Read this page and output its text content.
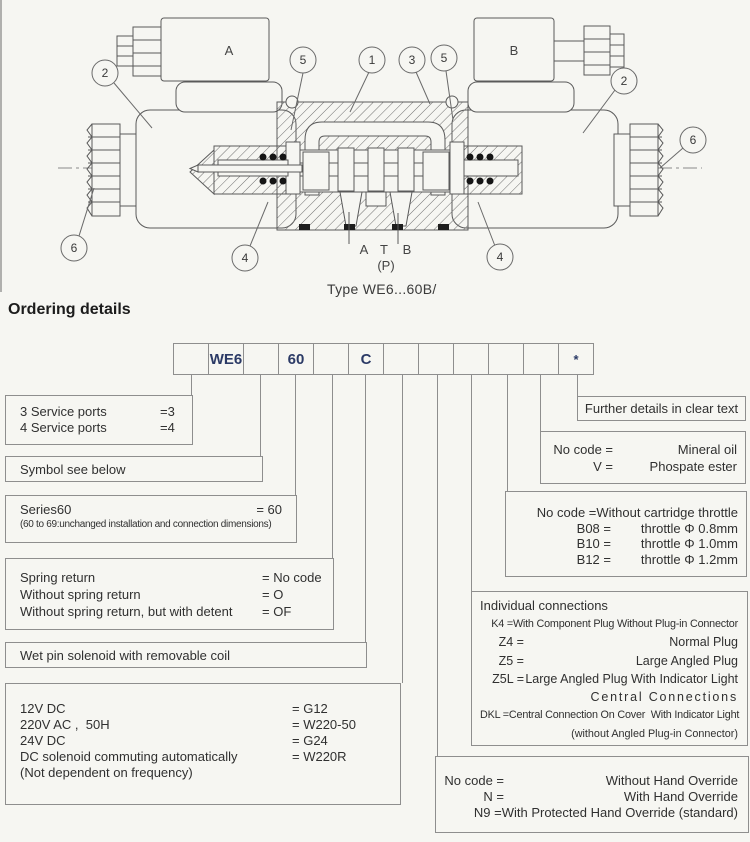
2
5	1	3 5
2
6
6
4	4
A	B
A T B
(P)
Type WE6...60B/
Ordering details
WE6	60	C	*
3 Service ports	=3
4 Service ports	=4
Symbol see below
Series60	= 60
(60 to 69:unchanged installation and connection dimensions)
Spring return	= No code
Without spring return	= O
Without spring return, but with detent	= OF
Wet pin solenoid with removable coil
12V DC	= G12
220V AC ,  50H	= W220-50
24V DC	= G24
DC solenoid commuting automatically	= W220R
(Not dependent on frequency)
Further details in clear text
No code =	Mineral oil
V =	Phospate ester
No code = Without cartridge throttle
B08 =	throttle Φ 0.8mm
B10 =	throttle Φ 1.0mm
B12 =	throttle Φ 1.2mm
Individual connections
K4 = With Component Plug Without Plug-in Connector
Z4 =	Normal Plug
Z5 =	Large Angled Plug
Z5L = Large Angled Plug With Indicator Light
Central Connections
DKL = Central Connection On Cover  With Indicator Light
(without Angled Plug-in Connector)
No code =	Without Hand Override
N =	With Hand Override
N9 = With Protected Hand Override (standard)
